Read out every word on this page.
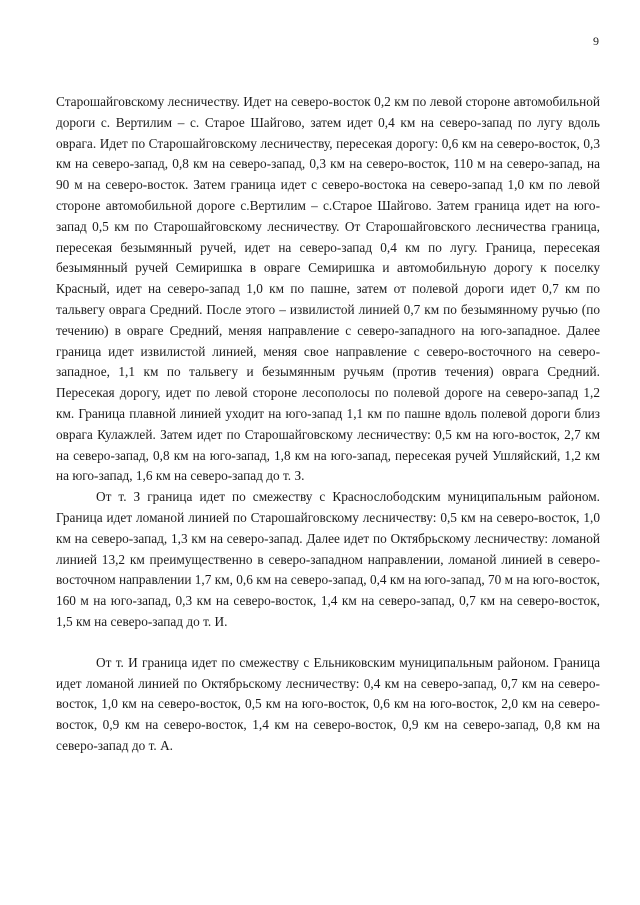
9

Старошайговскому лесничеству. Идет на северо-восток 0,2 км по левой стороне автомобильной дороги с. Вертилим – с. Старое Шайгово, затем идет 0,4 км на северо-запад по лугу вдоль оврага. Идет по Старошайговскому лесничеству, пересекая дорогу: 0,6 км на северо-восток, 0,3 км на северо-запад, 0,8 км на северо-запад, 0,3 км на северо-восток, 110 м на северо-запад, на 90 м на северо-восток. Затем граница идет с северо-востока на северо-запад 1,0 км по левой стороне автомобильной дороге с.Вертилим – с.Старое Шайгово. Затем граница идет на юго-запад 0,5 км по Старошайговскому лесничеству. От Старошайговского лесничества граница, пересекая безымянный ручей, идет на северо-запад 0,4 км по лугу. Граница, пересекая безымянный ручей Семиришка в овраге Семиришка и автомобильную дорогу к поселку Красный, идет на северо-запад 1,0 км по пашне, затем от полевой дороги идет 0,7 км по тальвегу оврага Средний. После этого – извилистой линией 0,7 км по безымянному ручью (по течению) в овраге Средний, меняя направление с северо-западного на юго-западное. Далее граница идет извилистой линией, меняя свое направление с северо-восточного на северо-западное, 1,1 км по тальвегу и безымянным ручьям (против течения) оврага Средний. Пересекая дорогу, идет по левой стороне лесополосы по полевой дороге на северо-запад 1,2 км. Граница плавной линией уходит на юго-запад 1,1 км по пашне вдоль полевой дороги близ оврага Кулажлей. Затем идет по Старошайговскому лесничеству: 0,5 км на юго-восток, 2,7 км на северо-запад, 0,8 км на юго-запад, 1,8 км на юго-запад, пересекая ручей Ушляйский, 1,2 км на юго-запад, 1,6 км на северо-запад до т. З.

От т. З граница идет по смежеству с Краснослободским муниципальным районом. Граница идет ломаной линией по Старошайговскому лесничеству: 0,5 км на северо-восток, 1,0 км на северо-запад, 1,3 км на северо-запад. Далее идет по Октябрьскому лесничеству: ломаной линией 13,2 км преимущественно в северо-западном направлении, ломаной линией в северо-восточном направлении 1,7 км, 0,6 км на северо-запад, 0,4 км на юго-запад, 70 м на юго-восток, 160 м на юго-запад, 0,3 км на северо-восток, 1,4 км на северо-запад, 0,7 км на северо-восток, 1,5 км на северо-запад до т. И.

От т. И граница идет по смежеству с Ельниковским муниципальным районом. Граница идет ломаной линией по Октябрьскому лесничеству: 0,4 км на северо-запад, 0,7 км на северо-восток, 1,0 км на северо-восток, 0,5 км на юго-восток, 0,6 км на юго-восток, 2,0 км на северо-восток, 0,9 км на северо-восток, 1,4 км на северо-восток, 0,9 км на северо-запад, 0,8 км на северо-запад до т. А.
